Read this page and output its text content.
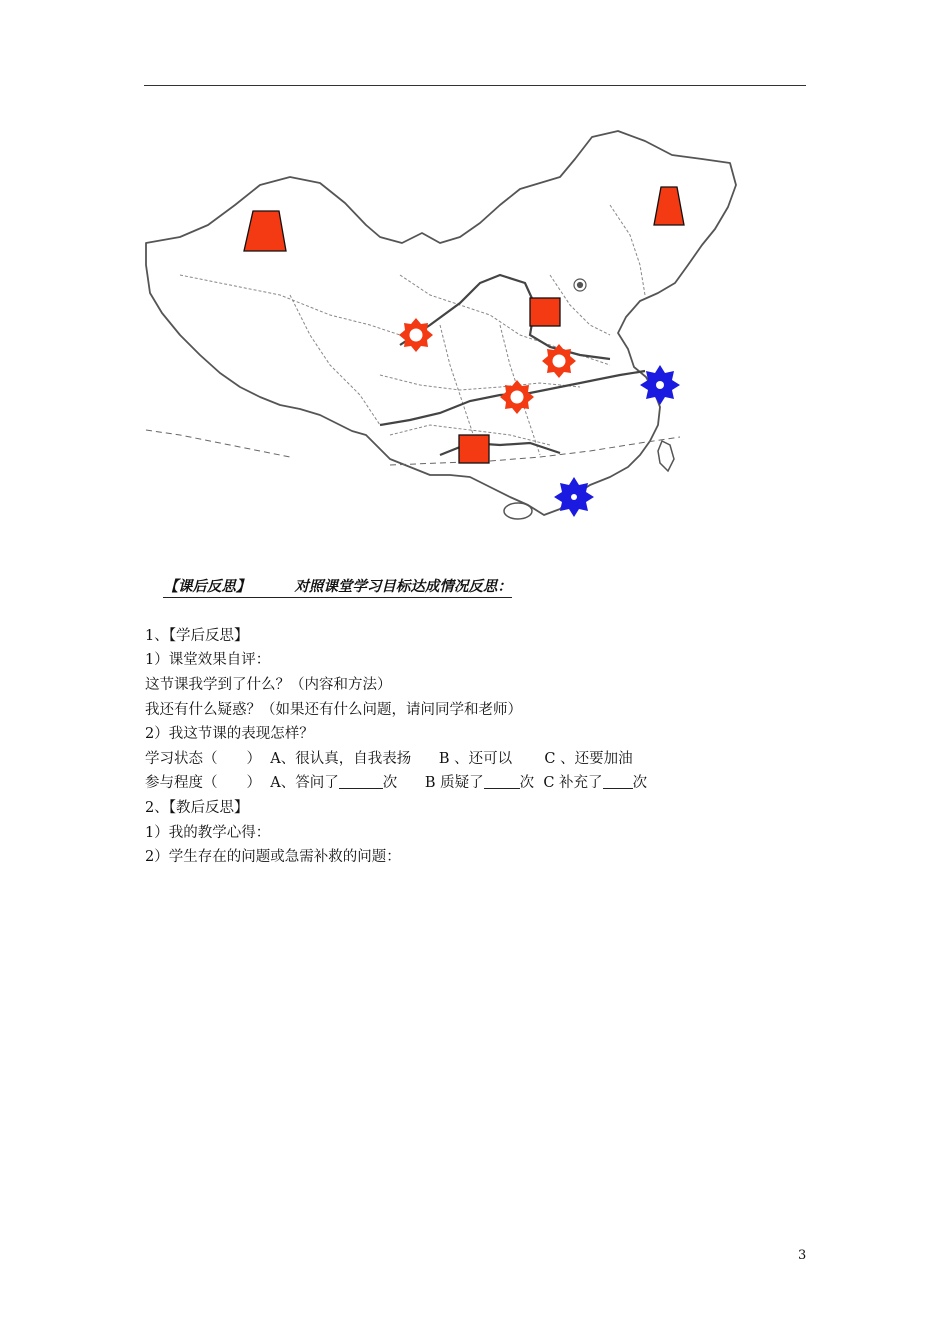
【课后反思】	对照课堂学习目标达成情况反思：

1、【学后反思】
1）课堂效果自评：
这节课我学到了什么？（内容和方法）
我还有什么疑惑？（如果还有什么问题，请问同学和老师）
2）我这节课的表现怎样？
学习状态（　　） A、很认真，自我表扬 B 、还可以 C 、还要加油
参与程度（　　） A、答问了	次 B 质疑了 次 C 补充了 次
2、【教后反思】
1）我的教学心得：
2）学生存在的问题或急需补救的问题：
3
